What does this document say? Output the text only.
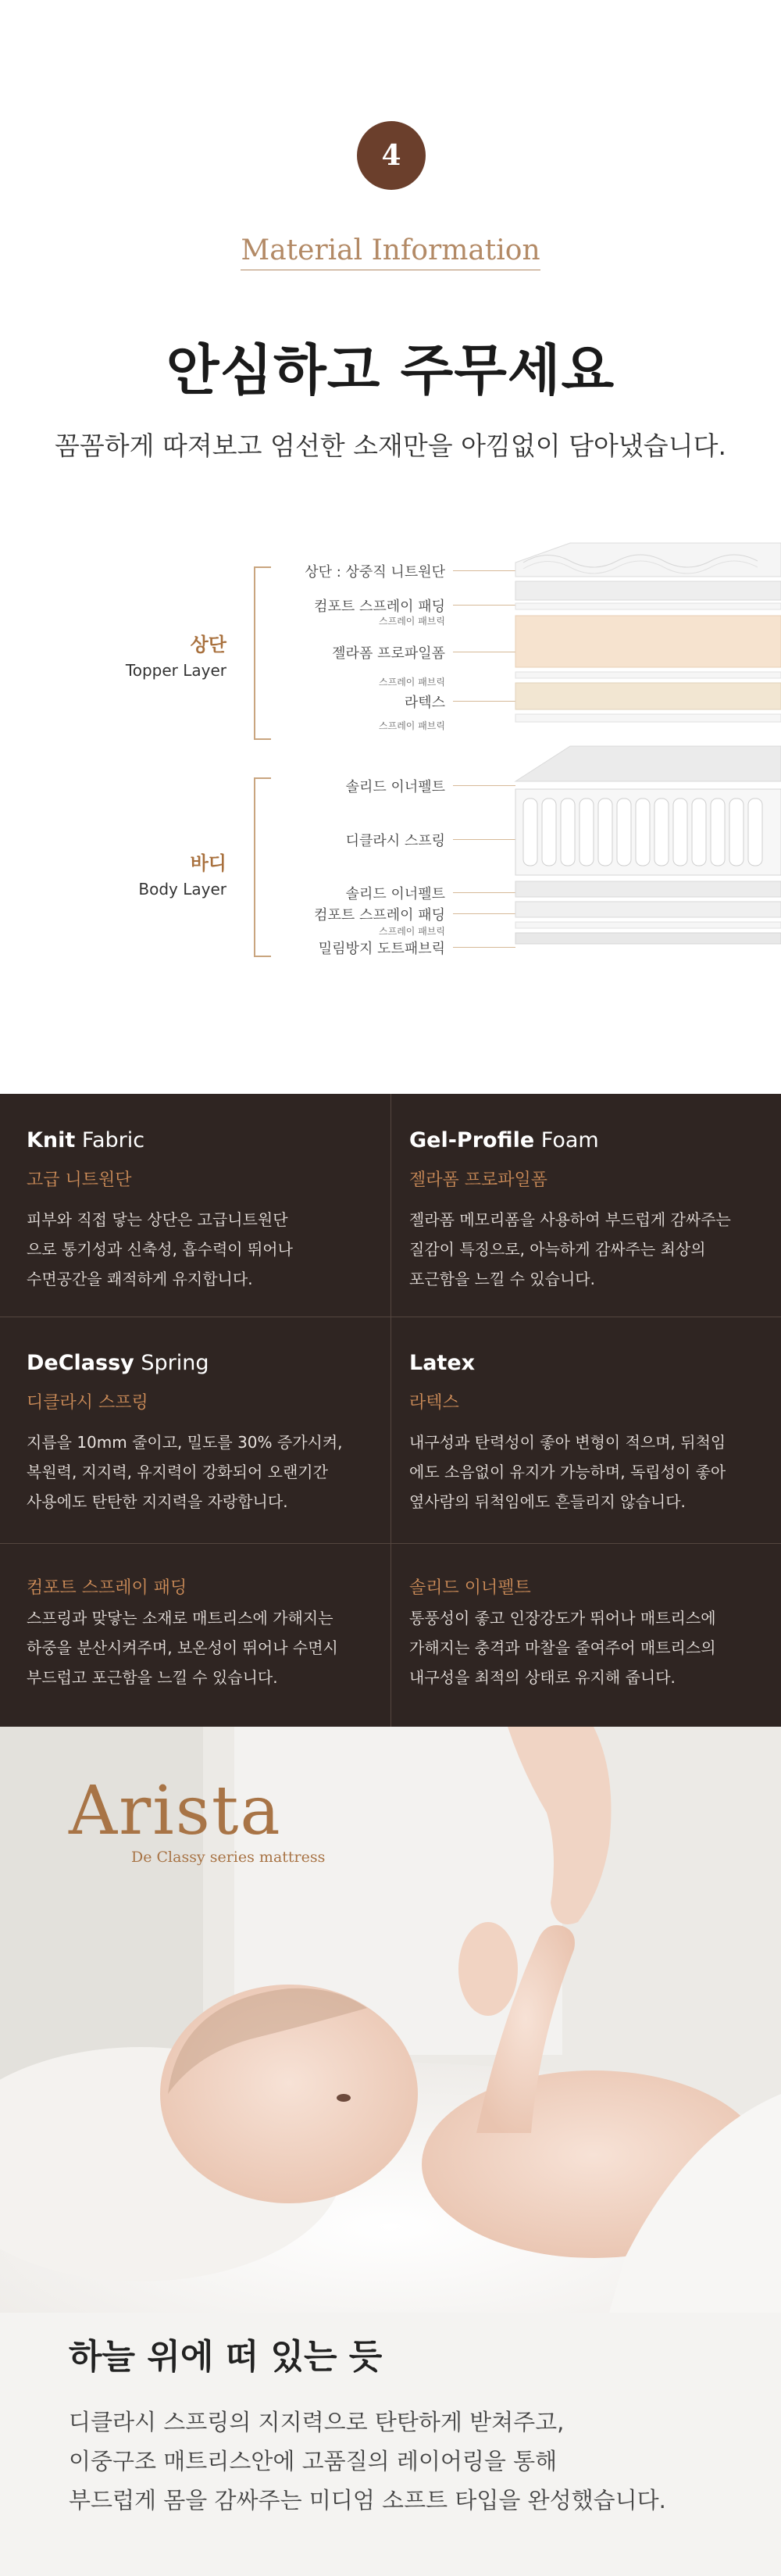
4
Material Information
안심하고 주무세요

꼼꼼하게 따져보고 엄선한 소재만을 아낌없이 담아냈습니다.

상단
Topper Layer
바디
Body Layer
상단 : 상중직 니트원단
컴포트 스프레이 패딩
스프레이 패브릭
젤라폼 프로파일폼
스프레이 패브릭
라텍스
스프레이 패브릭
솔리드 이너펠트
디클라시 스프링
솔리드 이너펠트
컴포트 스프레이 패딩
스프레이 패브릭
밀림방지 도트패브릭
Knit Fabric
고급 니트원단
피부와 직접 닿는 상단은 고급니트원단
으로 통기성과 신축성, 흡수력이 뛰어나
수면공간을 쾌적하게 유지합니다.
Gel-Profile Foam
젤라폼 프로파일폼
젤라폼 메모리폼을 사용하여 부드럽게 감싸주는
질감이 특징으로, 아늑하게 감싸주는 최상의
포근함을 느낄 수 있습니다.
DeClassy Spring
디클라시 스프링
지름을 10mm 줄이고, 밀도를 30% 증가시켜,
복원력, 지지력, 유지력이 강화되어 오랜기간
사용에도 탄탄한 지지력을 자랑합니다.
Latex
라텍스
내구성과 탄력성이 좋아 변형이 적으며, 뒤척임
에도 소음없이 유지가 가능하며, 독립성이 좋아
옆사람의 뒤척임에도 흔들리지 않습니다.
컴포트 스프레이 패딩
스프링과 맞닿는 소재로 매트리스에 가해지는
하중을 분산시켜주며, 보온성이 뛰어나 수면시
부드럽고 포근함을 느낄 수 있습니다.
솔리드 이너펠트
통풍성이 좋고 인장강도가 뛰어나 매트리스에
가해지는 충격과 마찰을 줄여주어 매트리스의
내구성을 최적의 상태로 유지해 줍니다.
Arista
De Classy series mattress
하늘 위에 떠 있는 듯
디클라시 스프링의 지지력으로 탄탄하게 받쳐주고,
이중구조 매트리스안에 고품질의 레이어링을 통해
부드럽게 몸을 감싸주는 미디엄 소프트 타입을 완성했습니다.
